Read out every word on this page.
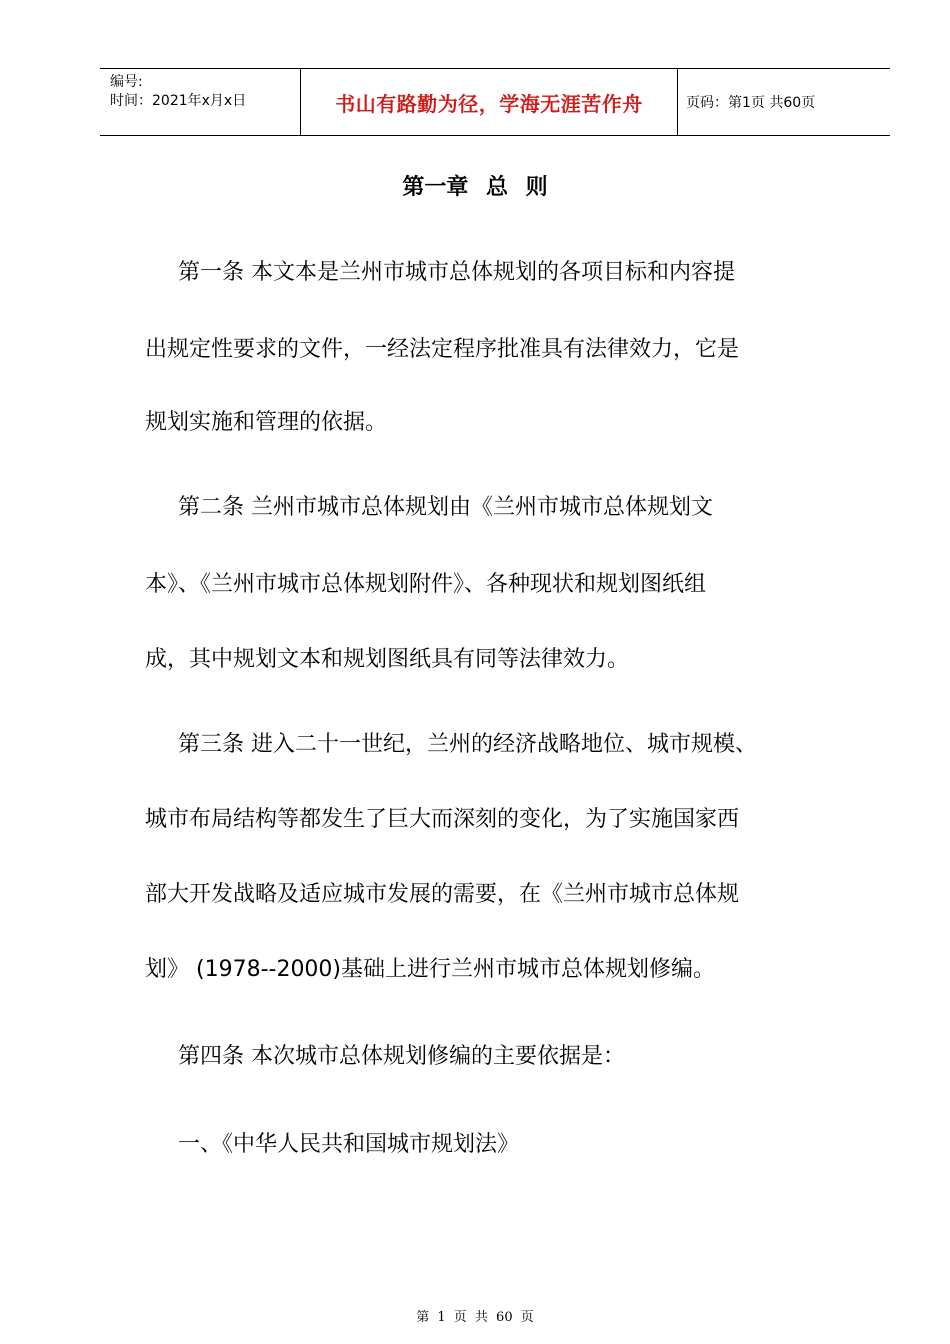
编号:
时间：2021年x月x日	书山有路勤为径，学海无涯苦作舟	页码：第1页 共60页
第一章 总 则
第一条 本文本是兰州市城市总体规划的各项目标和内容提
出规定性要求的文件，一经法定程序批准具有法律效力，它是
规划实施和管理的依据。
第二条 兰州市城市总体规划由《兰州市城市总体规划文
本》、《兰州市城市总体规划附件》、各种现状和规划图纸组
成，其中规划文本和规划图纸具有同等法律效力。
第三条 进入二十一世纪，兰州的经济战略地位、城市规模、
城市布局结构等都发生了巨大而深刻的变化，为了实施国家西
部大开发战略及适应城市发展的需要，在《兰州市城市总体规
划》 (1978--2000)基础上进行兰州市城市总体规划修编。
第四条 本次城市总体规划修编的主要依据是：
一、《中华人民共和国城市规划法》
第 1 页 共 60 页
